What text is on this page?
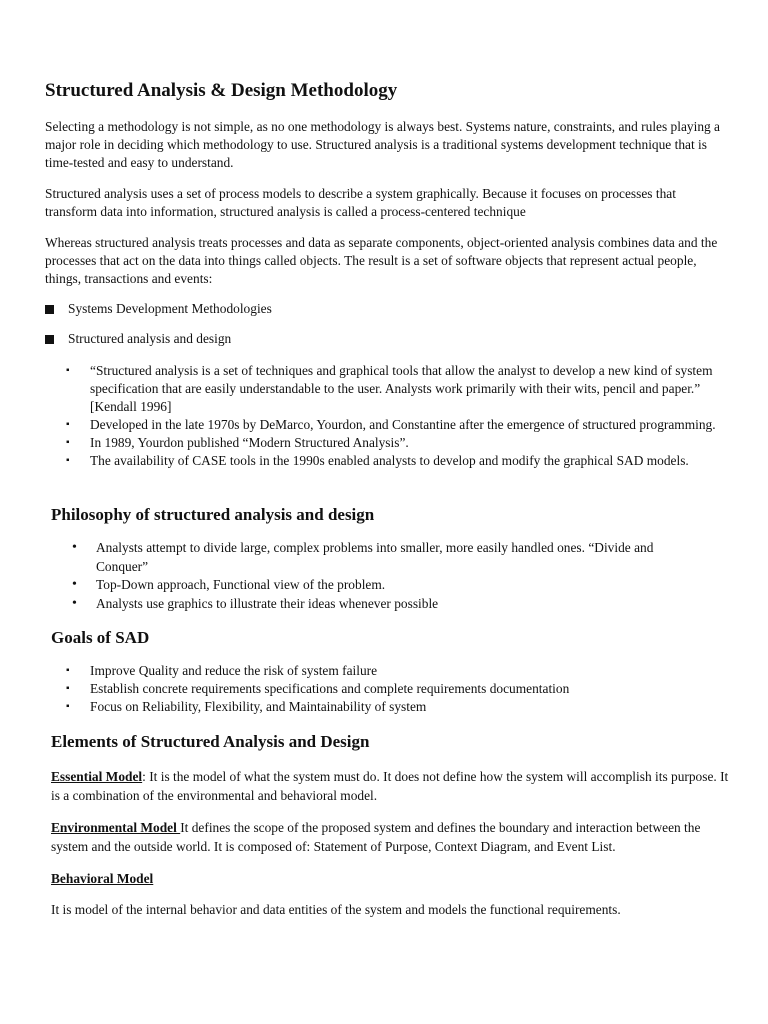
Structured Analysis & Design Methodology

Selecting a methodology is not simple, as no one methodology is always best. Systems nature, constraints, and rules playing a major role in deciding which methodology to use. Structured analysis is a traditional systems development technique that is time-tested and easy to understand.

Structured analysis uses a set of process models to describe a system graphically. Because it focuses on processes that transform data into information, structured analysis is called a process-centered technique

Whereas structured analysis treats processes and data as separate components, object-oriented analysis combines data and the processes that act on the data into things called objects. The result is a set of software objects that represent actual people, things, transactions and events:

Systems Development Methodologies

Structured analysis and design

▪ “Structured analysis is a set of techniques and graphical tools that allow the analyst to develop a new kind of system specification that are easily understandable to the user. Analysts work primarily with their wits, pencil and paper.” [Kendall 1996]
▪ Developed in the late 1970s by DeMarco, Yourdon, and Constantine after the emergence of structured programming.
▪ In 1989, Yourdon published “Modern Structured Analysis”.
▪ The availability of CASE tools in the 1990s enabled analysts to develop and modify the graphical SAD models.
Philosophy of structured analysis and design
• Analysts attempt to divide large, complex problems into smaller, more easily handled ones. “Divide and Conquer”
• Top-Down approach, Functional view of the problem.
• Analysts use graphics to illustrate their ideas whenever possible
Goals of SAD
▪ Improve Quality and reduce the risk of system failure
▪ Establish concrete requirements specifications and complete requirements documentation
▪ Focus on Reliability, Flexibility, and Maintainability of system
Elements of Structured Analysis and Design

Essential Model: It is the model of what the system must do. It does not define how the system will accomplish its purpose. It is a combination of the environmental and behavioral model.

Environmental Model It defines the scope of the proposed system and defines the boundary and interaction between the system and the outside world. It is composed of: Statement of Purpose, Context Diagram, and Event List.

Behavioral Model

It is model of the internal behavior and data entities of the system and models the functional requirements.
